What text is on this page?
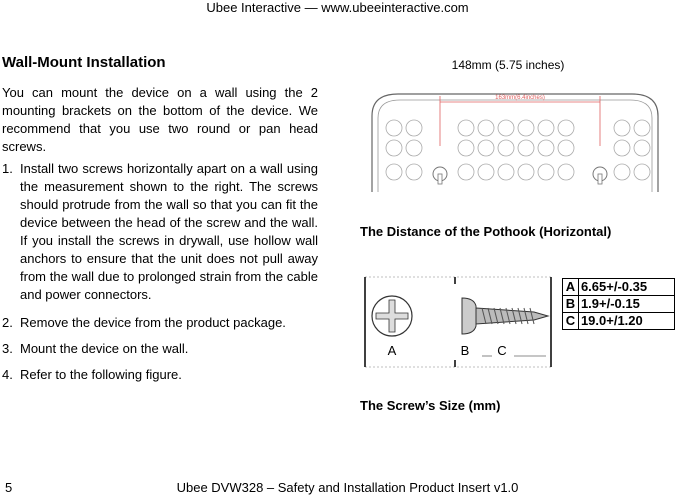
Ubee Interactive — www.ubeeinteractive.com
Wall-Mount Installation
You can mount the device on a wall using the 2 mounting brackets on the bottom of the device. We recommend that you use two round or pan head screws.
1. Install two screws horizontally apart on a wall using the measurement shown to the right. The screws should protrude from the wall so that you can fit the device between the head of the screw and the wall. If you install the screws in drywall, use hollow wall anchors to ensure that the unit does not pull away from the wall due to prolonged strain from the cable and power connectors.
2. Remove the device from the product package.
3. Mount the device on the wall.
4. Refer to the following figure.
148mm (5.75 inches)
163mm(6.4inches)
The Distance of the Pothook (Horizontal)
A	B C
A	6.65+/-0.35
B	1.9+/-0.15
C	19.0+/1.20
The Screw’s Size (mm)
5	Ubee DVW328 – Safety and Installation Product Insert v1.0
